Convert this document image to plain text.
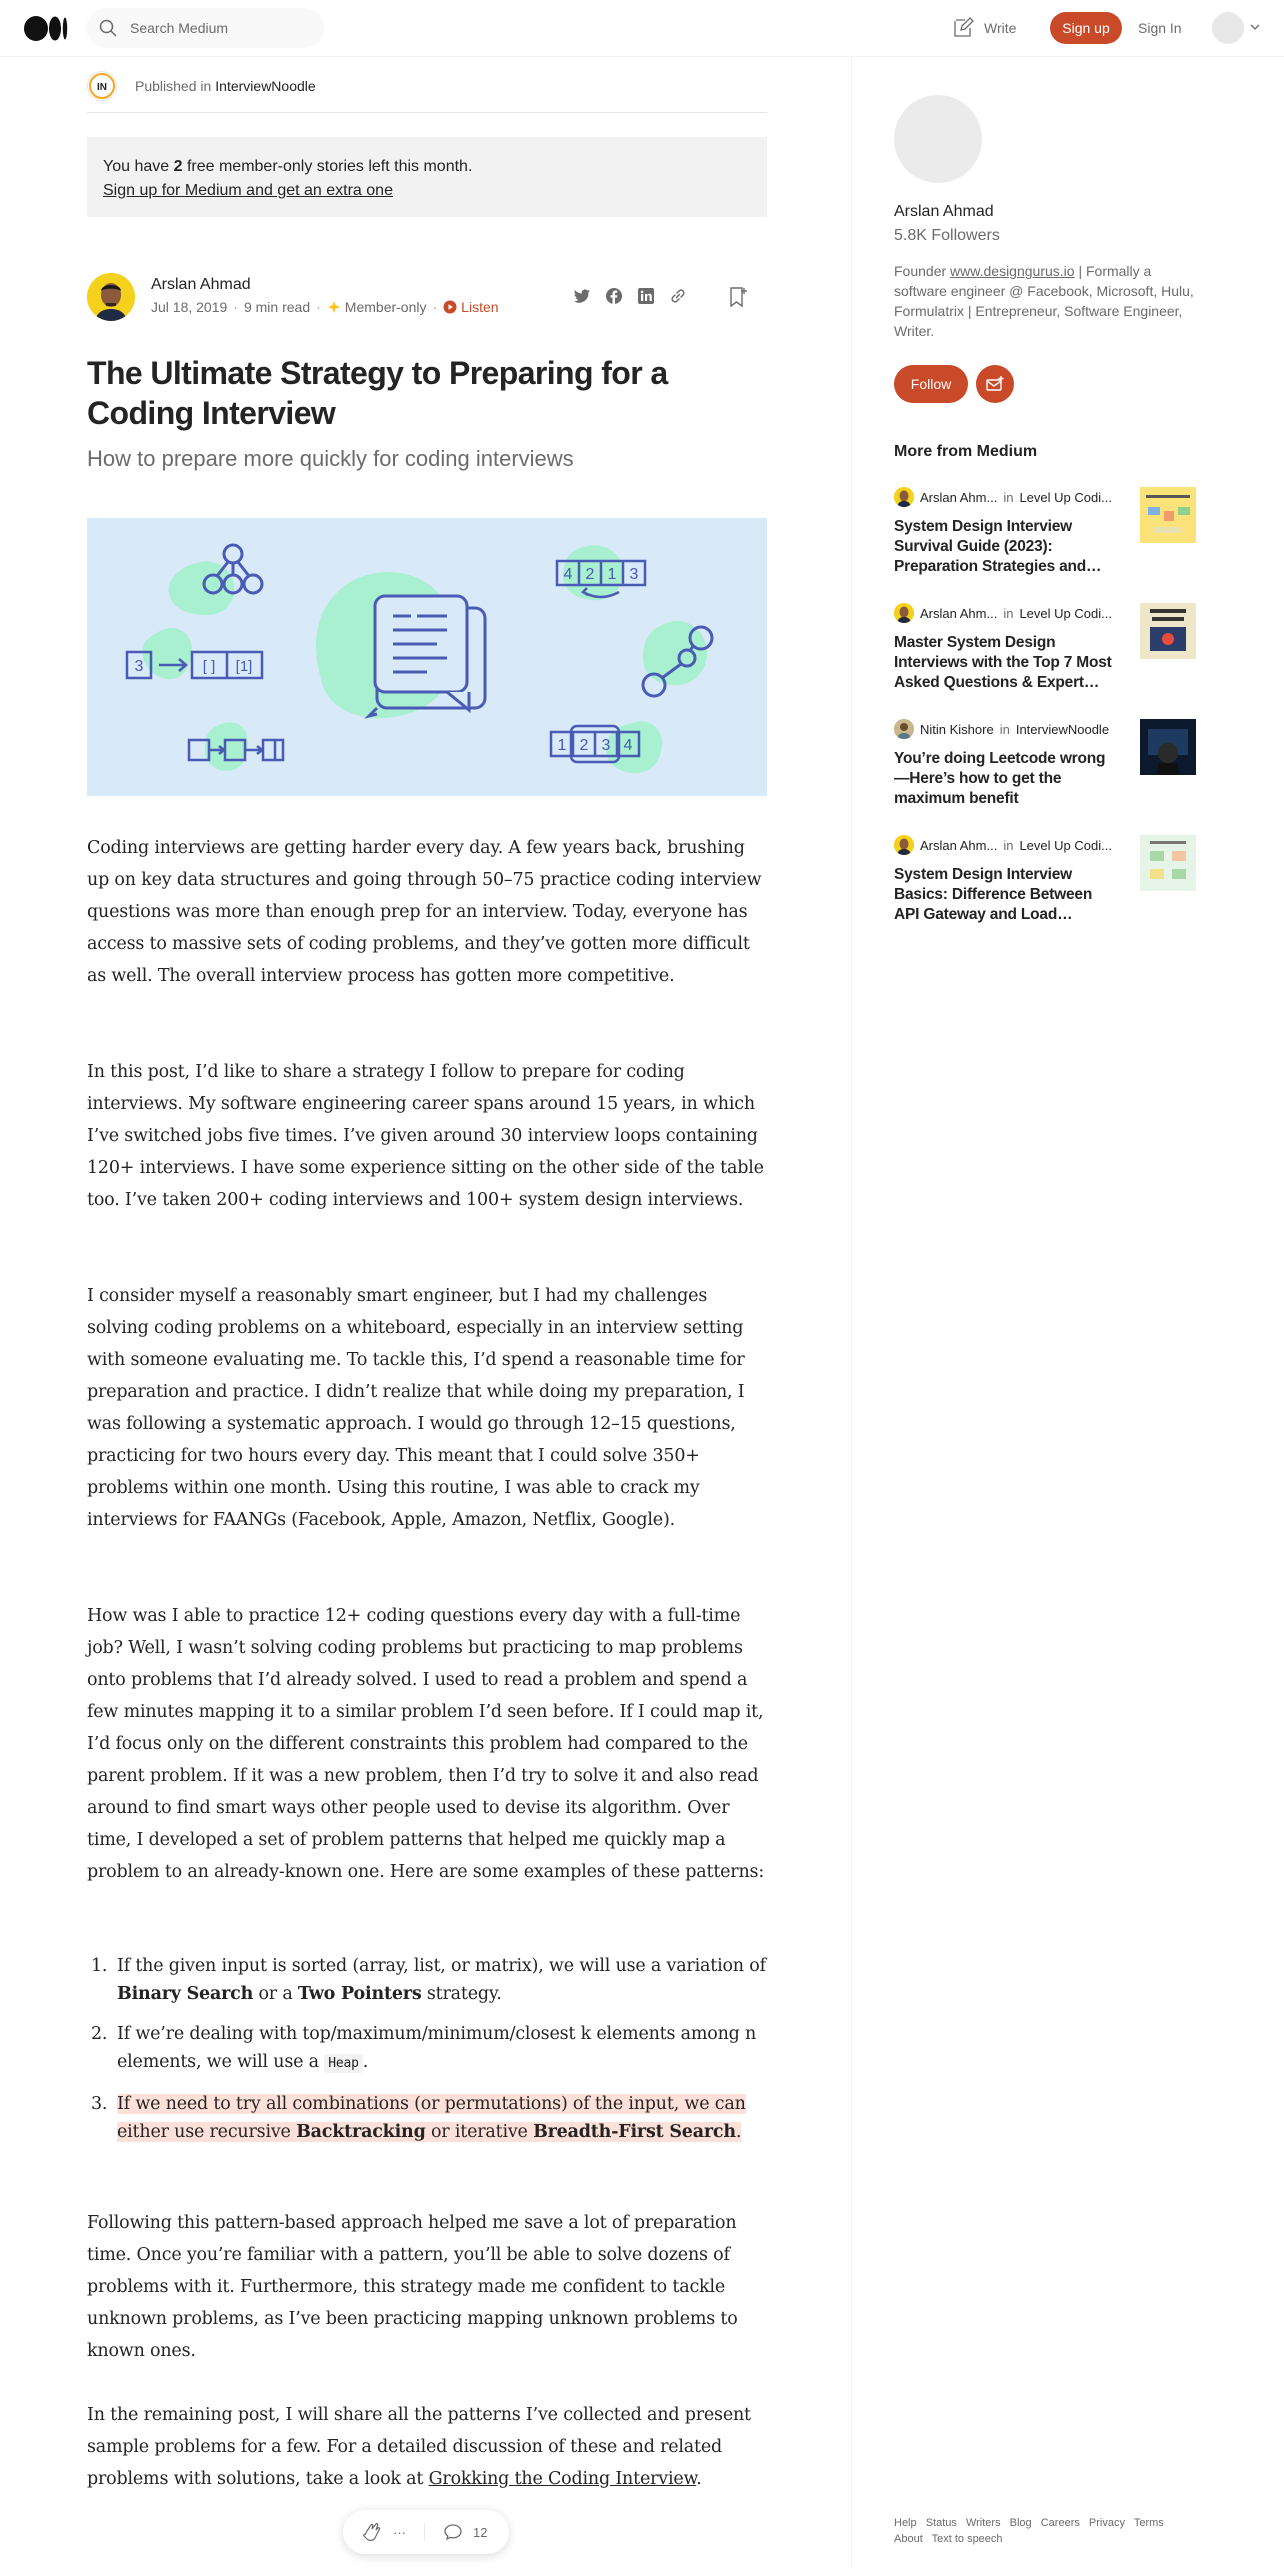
Search Medium	Write	Sign up	Sign In
IN Published in InterviewNoodle
You have 2 free member-only stories left this month.
Sign up for Medium and get an extra one
Arslan Ahmad
Jul 18, 2019 · 9 min read · Member-only · Listen
The Ultimate Strategy to Preparing for a Coding Interview
How to prepare more quickly for coding interviews
3	[ ] [1]
4 2 1 3
1 2 3 4

Coding interviews are getting harder every day. A few years back, brushing up on key data structures and going through 50–75 practice coding interview questions was more than enough prep for an interview. Today, everyone has access to massive sets of coding problems, and they’ve gotten more difficult as well. The overall interview process has gotten more competitive.

In this post, I’d like to share a strategy I follow to prepare for coding interviews. My software engineering career spans around 15 years, in which I’ve switched jobs five times. I’ve given around 30 interview loops containing 120+ interviews. I have some experience sitting on the other side of the table too. I’ve taken 200+ coding interviews and 100+ system design interviews.

I consider myself a reasonably smart engineer, but I had my challenges solving coding problems on a whiteboard, especially in an interview setting with someone evaluating me. To tackle this, I’d spend a reasonable time for preparation and practice. I didn’t realize that while doing my preparation, I was following a systematic approach. I would go through 12–15 questions, practicing for two hours every day. This meant that I could solve 350+ problems within one month. Using this routine, I was able to crack my interviews for FAANGs (Facebook, Apple, Amazon, Netflix, Google).

How was I able to practice 12+ coding questions every day with a full-time job? Well, I wasn’t solving coding problems but practicing to map problems onto problems that I’d already solved. I used to read a problem and spend a few minutes mapping it to a similar problem I’d seen before. If I could map it, I’d focus only on the different constraints this problem had compared to the parent problem. If it was a new problem, then I’d try to solve it and also read around to find smart ways other people used to devise its algorithm. Over time, I developed a set of problem patterns that helped me quickly map a problem to an already-known one. Here are some examples of these patterns:

1. If the given input is sorted (array, list, or matrix), we will use a variation of Binary Search or a Two Pointers strategy.
2. If we’re dealing with top/maximum/minimum/closest k elements among n elements, we will use a Heap .
3. If we need to try all combinations (or permutations) of the input, we can either use recursive Backtracking or iterative Breadth-First Search.

Following this pattern-based approach helped me save a lot of preparation time. Once you’re familiar with a pattern, you’ll be able to solve dozens of problems with it. Furthermore, this strategy made me confident to tackle unknown problems, as I’ve been practicing mapping unknown problems to known ones.

In the remaining post, I will share all the patterns I’ve collected and present sample problems for a few. For a detailed discussion of these and related problems with solutions, take a look at Grokking the Coding Interview.

···	12
Arslan Ahmad
5.8K Followers

Founder www.designgurus.io | Formally a software engineer @ Facebook, Microsoft, Hulu, Formulatrix | Entrepreneur, Software Engineer, Writer.

Follow
More from Medium
Arslan Ahm... in Level Up Codi...
System Design Interview Survival Guide (2023): Preparation Strategies and…
Arslan Ahm... in Level Up Codi...
Master System Design Interviews with the Top 7 Most Asked Questions & Expert…
Nitin Kishore in InterviewNoodle
You’re doing Leetcode wrong —Here’s how to get the maximum benefit
Arslan Ahm... in Level Up Codi...
System Design Interview Basics: Difference Between API Gateway and Load…
Help Status Writers Blog Careers Privacy Terms About Text to speech
